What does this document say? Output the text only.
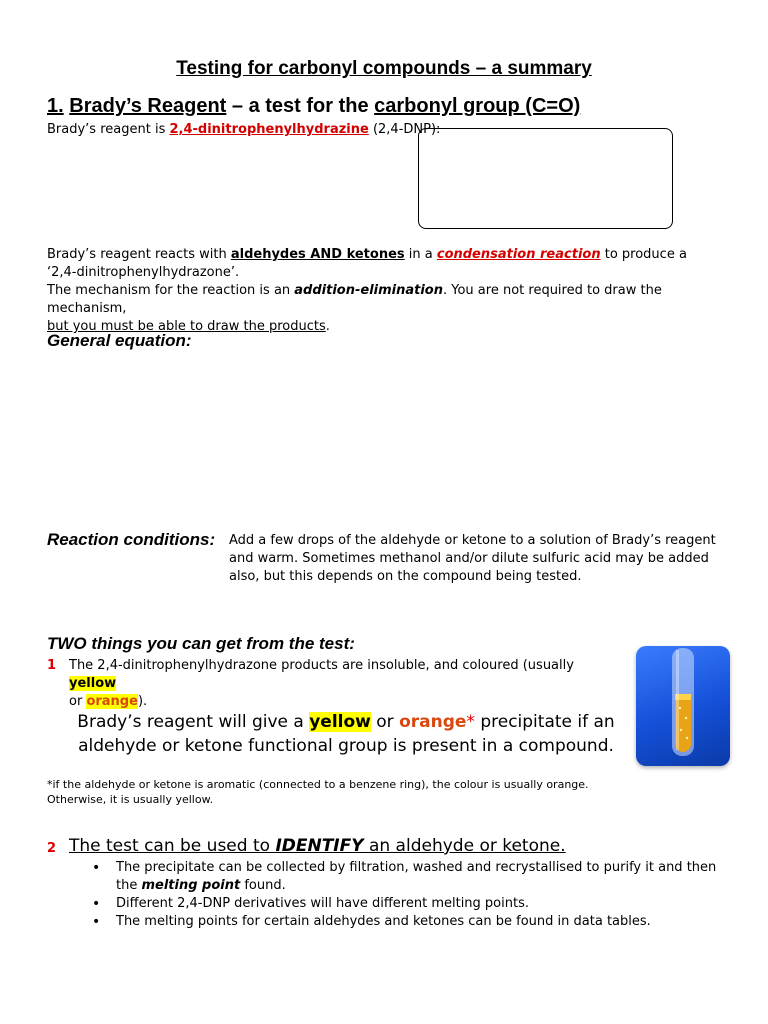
Testing for carbonyl compounds – a summary
1. Brady’s Reagent – a test for the carbonyl group (C=O)
Brady’s reagent is 2,4-dinitrophenylhydrazine (2,4-DNP):
Brady’s reagent reacts with aldehydes AND ketones in a condensation reaction to produce a ‘2,4-dinitrophenylhydrazone’.
The mechanism for the reaction is an addition-elimination. You are not required to draw the mechanism,
but you must be able to draw the products.
General equation:
Reaction conditions: Add a few drops of the aldehyde or ketone to a solution of Brady’s reagent and warm. Sometimes methanol and/or dilute sulfuric acid may be added also, but this depends on the compound being tested.
TWO things you can get from the test:
1 The 2,4-dinitrophenylhydrazone products are insoluble, and coloured (usually yellow
or orange).
Brady’s reagent will give a yellow or orange* precipitate if an aldehyde or ketone functional group is present in a compound.
*if the aldehyde or ketone is aromatic (connected to a benzene ring), the colour is usually orange.
Otherwise, it is usually yellow.
2 The test can be used to IDENTIFY an aldehyde or ketone.
• The precipitate can be collected by filtration, washed and recrystallised to purify it and then the melting point found.
• Different 2,4-DNP derivatives will have different melting points.
• The melting points for certain aldehydes and ketones can be found in data tables.
